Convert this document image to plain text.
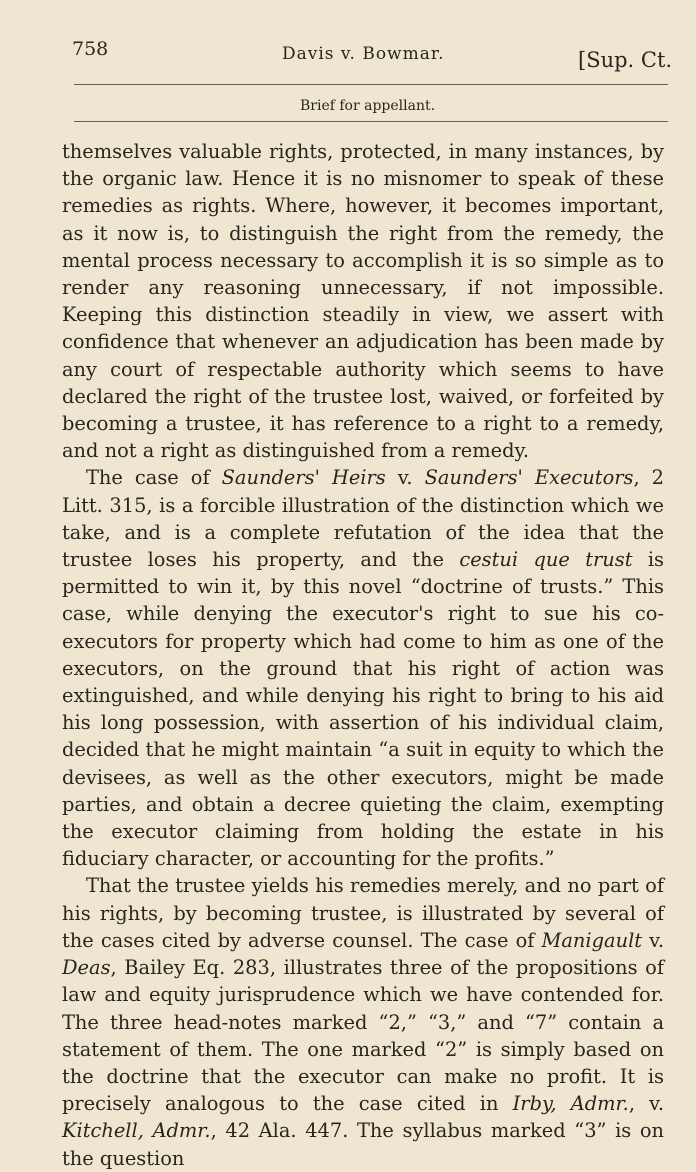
758	Davis v. Bowmar.	[Sup. Ct.
Brief for appellant.

themselves valuable rights, protected, in many instances, by the organic law. Hence it is no misnomer to speak of these remedies as rights. Where, however, it becomes important, as it now is, to distinguish the right from the remedy, the mental process necessary to accomplish it is so simple as to render any reasoning unnecessary, if not impossible. Keeping this distinction steadily in view, we assert with confidence that whenever an adjudication has been made by any court of respectable authority which seems to have declared the right of the trustee lost, waived, or forfeited by becoming a trustee, it has reference to a right to a remedy, and not a right as distinguished from a remedy.

The case of Saunders' Heirs v. Saunders' Executors, 2 Litt. 315, is a forcible illustration of the distinction which we take, and is a complete refutation of the idea that the trustee loses his property, and the cestui que trust is permitted to win it, by this novel “doctrine of trusts.” This case, while denying the executor's right to sue his co-executors for property which had come to him as one of the executors, on the ground that his right of action was extinguished, and while denying his right to bring to his aid his long possession, with assertion of his individual claim, decided that he might maintain “a suit in equity to which the devisees, as well as the other executors, might be made parties, and obtain a decree quieting the claim, exempting the executor claiming from holding the estate in his fiduciary character, or accounting for the profits.”

That the trustee yields his remedies merely, and no part of his rights, by becoming trustee, is illustrated by several of the cases cited by adverse counsel. The case of Manigault v. Deas, Bailey Eq. 283, illustrates three of the propositions of law and equity jurisprudence which we have contended for. The three head-notes marked “2,” “3,” and “7” contain a statement of them. The one marked “2” is simply based on the doctrine that the executor can make no profit. It is precisely analogous to the case cited in Irby, Admr., v. Kitchell, Admr., 42 Ala. 447. The syllabus marked “3” is on the question
